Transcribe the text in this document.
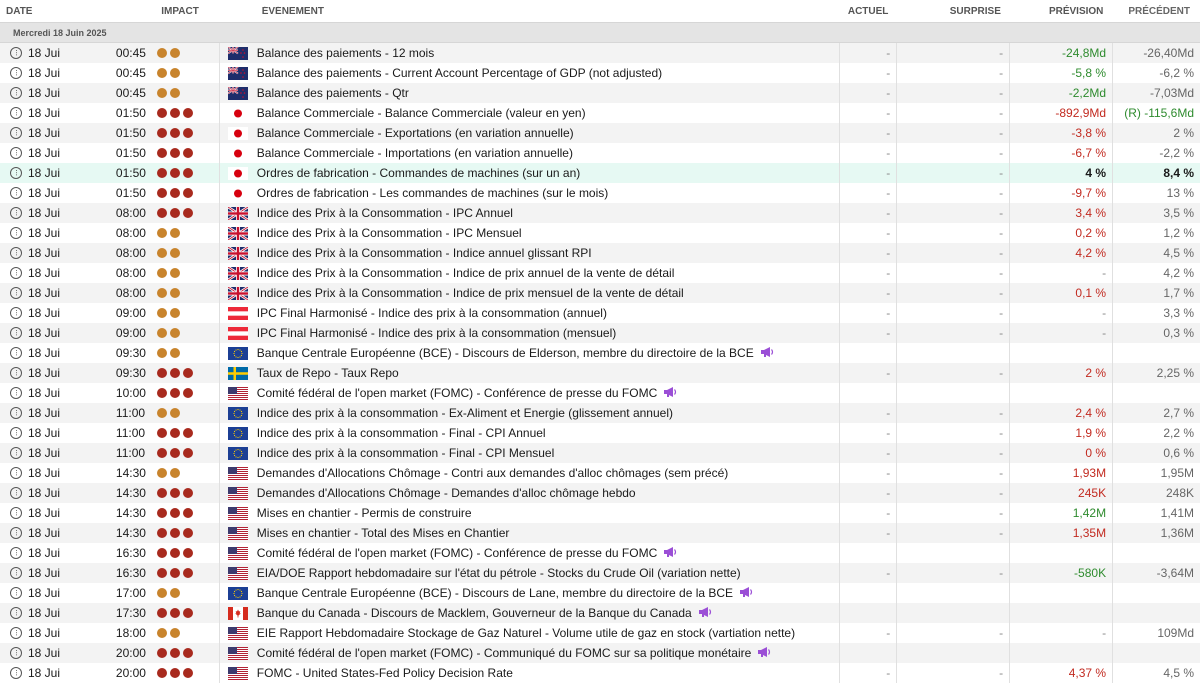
DATE	IMPACT	ÉVÉNEMENT	ACTUEL	SURPRISE	PRÉVISION	PRÉCÉDENT
Mercredi 18 Juin 2025
18 Jui	00:45	Balance des paiements - 12 mois	-	-	-24,8Md	-26,40Md
18 Jui	00:45	Balance des paiements - Current Account Percentage of GDP (not adjusted)	-	-	-5,8 %	-6,2 %
18 Jui	00:45	Balance des paiements - Qtr	-	-	-2,2Md	-7,03Md
18 Jui	01:50	Balance Commerciale - Balance Commerciale (valeur en yen)	-	-	-892,9Md	(R) -115,6Md
18 Jui	01:50	Balance Commerciale - Exportations (en variation annuelle)	-	-	-3,8 %	2 %
18 Jui	01:50	Balance Commerciale - Importations (en variation annuelle)	-	-	-6,7 %	-2,2 %
18 Jui	01:50	Ordres de fabrication - Commandes de machines (sur un an)	-	-	4 %	8,4 %
18 Jui	01:50	Ordres de fabrication - Les commandes de machines (sur le mois)	-	-	-9,7 %	13 %
18 Jui	08:00	Indice des Prix à la Consommation - IPC Annuel	-	-	3,4 %	3,5 %
18 Jui	08:00	Indice des Prix à la Consommation - IPC Mensuel	-	-	0,2 %	1,2 %
18 Jui	08:00	Indice des Prix à la Consommation - Indice annuel glissant RPI	-	-	4,2 %	4,5 %
18 Jui	08:00	Indice des Prix à la Consommation - Indice de prix annuel de la vente de détail	-	-	-	4,2 %
18 Jui	08:00	Indice des Prix à la Consommation - Indice de prix mensuel de la vente de détail	-	-	0,1 %	1,7 %
18 Jui	09:00	IPC Final Harmonisé - Indice des prix à la consommation (annuel)	-	-	-	3,3 %
18 Jui	09:00	IPC Final Harmonisé - Indice des prix à la consommation (mensuel)	-	-	-	0,3 %
18 Jui	09:30	Banque Centrale Européenne (BCE) - Discours de Elderson, membre du directoire de la BCE
18 Jui	09:30	Taux de Repo - Taux Repo	-	-	2 %	2,25 %
18 Jui	10:00	Comité fédéral de l'open market (FOMC) - Conférence de presse du FOMC
18 Jui	11:00	Indice des prix à la consommation - Ex-Aliment et Energie (glissement annuel)	-	-	2,4 %	2,7 %
18 Jui	11:00	Indice des prix à la consommation - Final - CPI Annuel	-	-	1,9 %	2,2 %
18 Jui	11:00	Indice des prix à la consommation - Final - CPI Mensuel	-	-	0 %	0,6 %
18 Jui	14:30	Demandes d'Allocations Chômage - Contri aux demandes d'alloc chômages (sem précé)	-	-	1,93M	1,95M
18 Jui	14:30	Demandes d'Allocations Chômage - Demandes d'alloc chômage hebdo	-	-	245K	248K
18 Jui	14:30	Mises en chantier - Permis de construire	-	-	1,42M	1,41M
18 Jui	14:30	Mises en chantier - Total des Mises en Chantier	-	-	1,35M	1,36M
18 Jui	16:30	Comité fédéral de l'open market (FOMC) - Conférence de presse du FOMC
18 Jui	16:30	EIA/DOE Rapport hebdomadaire sur l'état du pétrole - Stocks du Crude Oil (variation nette)	-	-	-580K	-3,64M
18 Jui	17:00	Banque Centrale Européenne (BCE) - Discours de Lane, membre du directoire de la BCE
18 Jui	17:30	Banque du Canada - Discours de Macklem, Gouverneur de la Banque du Canada
18 Jui	18:00	EIE Rapport Hebdomadaire Stockage de Gaz Naturel - Volume utile de gaz en stock (vartiation nette)	-	-	-	109Md
18 Jui	20:00	Comité fédéral de l'open market (FOMC) - Communiqué du FOMC sur sa politique monétaire
18 Jui	20:00	FOMC - United States-Fed Policy Decision Rate	-	-	4,37 %	4,5 %
